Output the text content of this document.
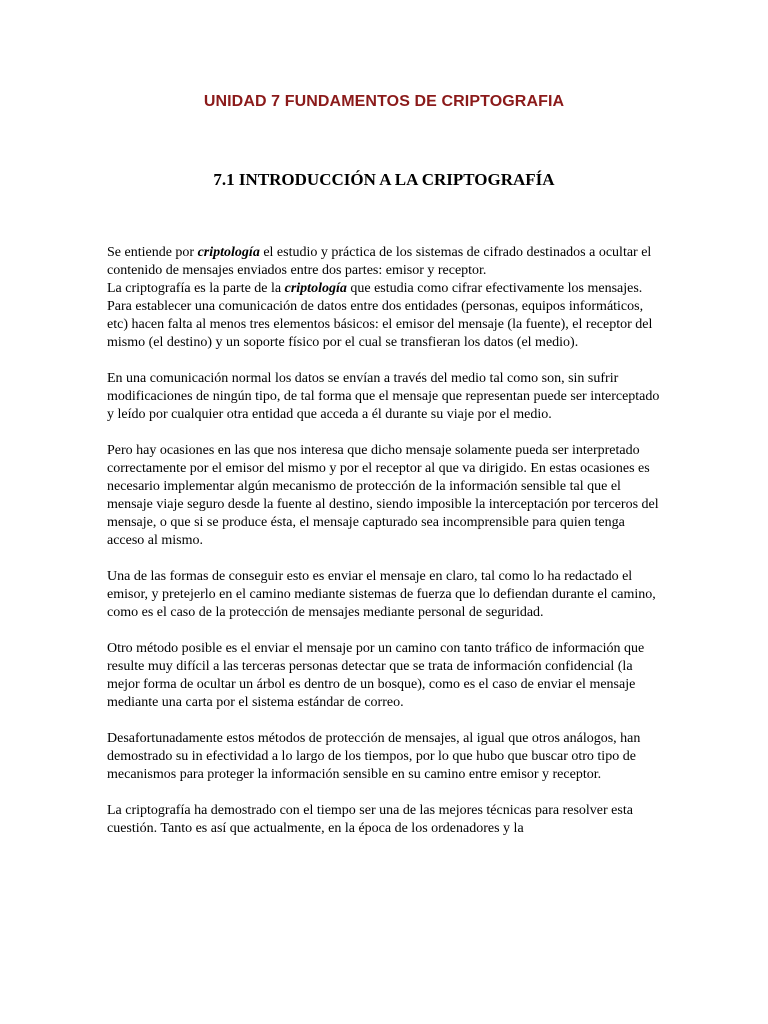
UNIDAD 7 FUNDAMENTOS DE CRIPTOGRAFIA
7.1 INTRODUCCIÓN A LA CRIPTOGRAFÍA

Se entiende por criptología el estudio y práctica de los sistemas de cifrado destinados a ocultar el contenido de mensajes enviados entre dos partes: emisor y receptor.
La criptografía es la parte de la criptología que estudia como cifrar efectivamente los mensajes.
Para establecer una comunicación de datos entre dos entidades (personas, equipos informáticos, etc) hacen falta al menos tres elementos básicos: el emisor del mensaje (la fuente), el receptor del mismo (el destino) y un soporte físico por el cual se transfieran los datos (el medio).

En una comunicación normal los datos se envían a través del medio tal como son, sin sufrir modificaciones de ningún tipo, de tal forma que el mensaje que representan puede ser interceptado y leído por cualquier otra entidad que acceda a él durante su viaje por el medio.

Pero hay ocasiones en las que nos interesa que dicho mensaje solamente pueda ser interpretado correctamente por el emisor del mismo y por el receptor al que va dirigido. En estas ocasiones es necesario implementar algún mecanismo de protección de la información sensible tal que el mensaje viaje seguro desde la fuente al destino, siendo imposible la interceptación por terceros del mensaje, o que si se produce ésta, el mensaje capturado sea incomprensible para quien tenga acceso al mismo.

Una de las formas de conseguir esto es enviar el mensaje en claro, tal como lo ha redactado el emisor, y pretejerlo en el camino mediante sistemas de fuerza que lo defiendan durante el camino, como es el caso de la protección de mensajes mediante personal de seguridad.

Otro método posible es el enviar el mensaje por un camino con tanto tráfico de información que resulte muy difícil a las terceras personas detectar que se trata de información confidencial (la mejor forma de ocultar un árbol es dentro de un bosque), como es el caso de enviar el mensaje mediante una carta por el sistema estándar de correo.

Desafortunadamente estos métodos de protección de mensajes, al igual que otros análogos, han demostrado su in efectividad a lo largo de los tiempos, por lo que hubo que buscar otro tipo de mecanismos para proteger la información sensible en su camino entre emisor y receptor.

La criptografía ha demostrado con el tiempo ser una de las mejores técnicas para resolver esta cuestión. Tanto es así que actualmente, en la época de los ordenadores y la
